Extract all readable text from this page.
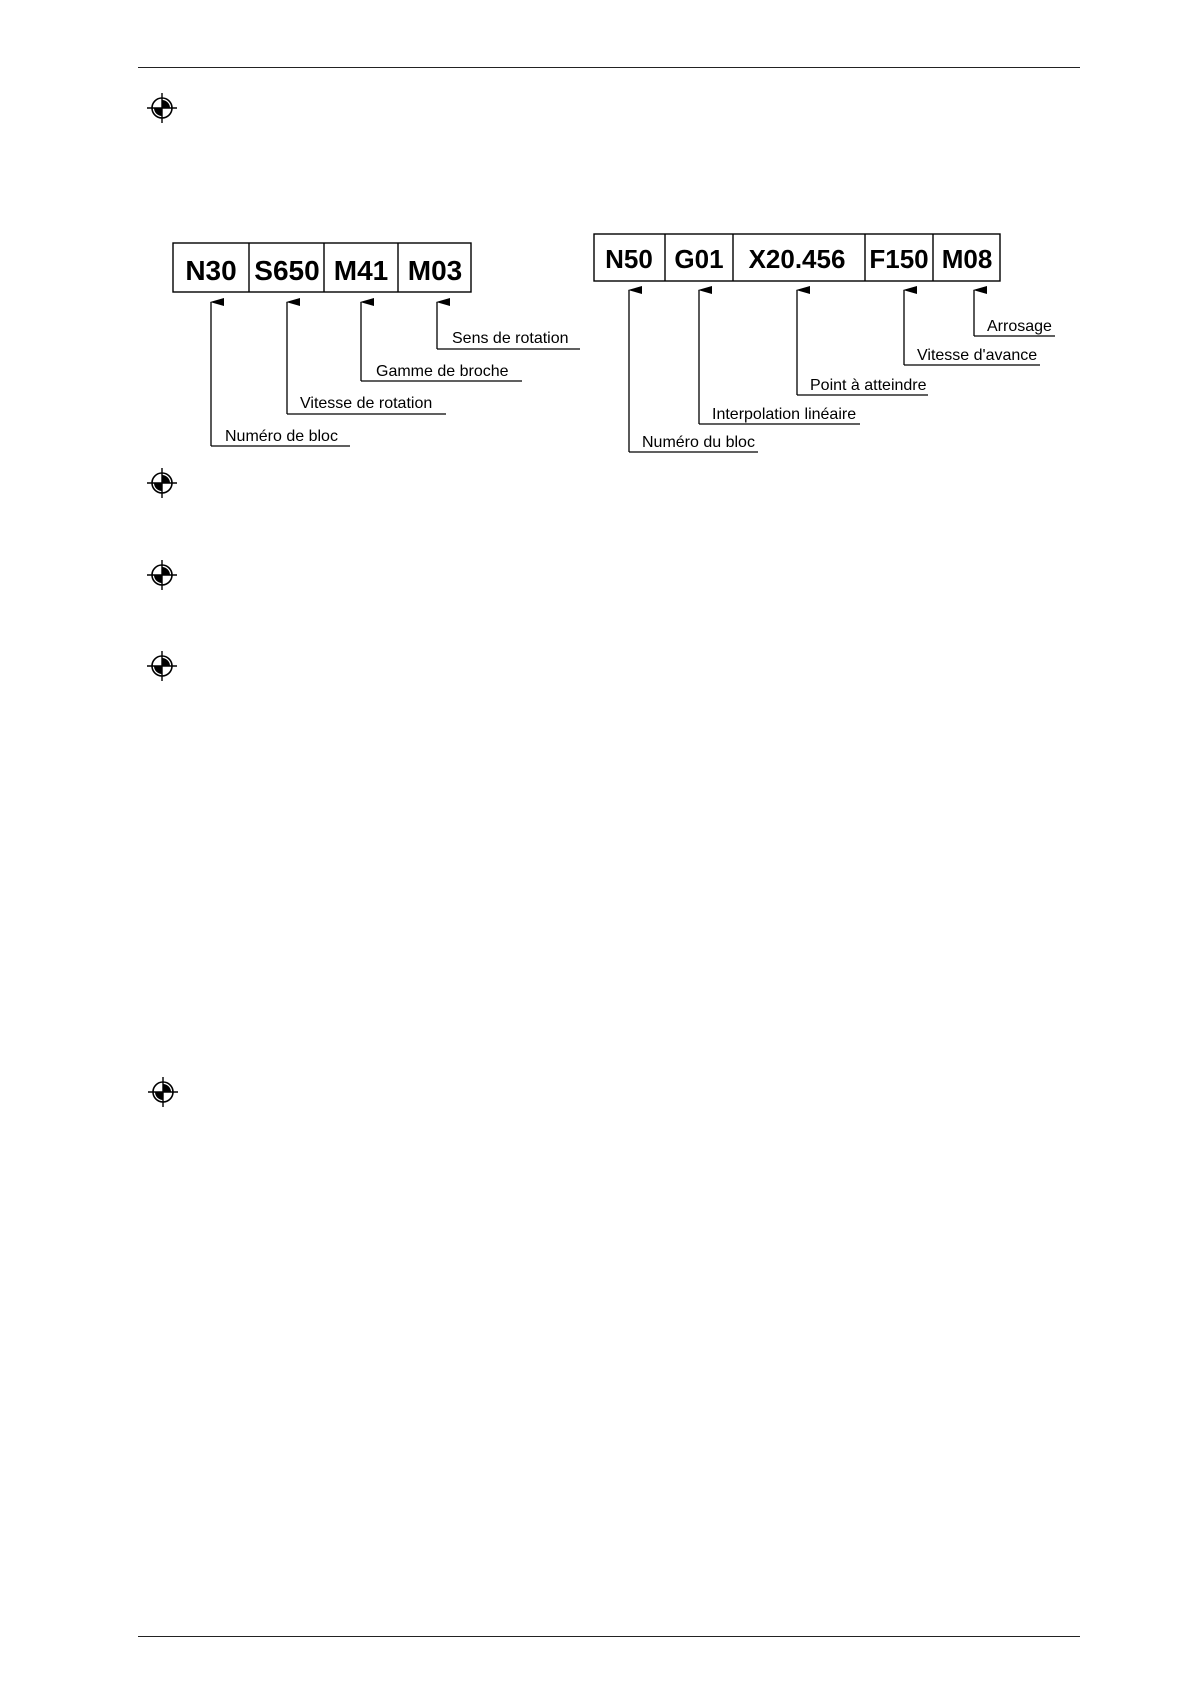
N30 S650 M41 M03
Numéro de bloc
Vitesse de rotation
Gamme de broche
Sens de rotation
N50 G01 X20.456 F150 M08
Numéro du bloc
Interpolation linéaire
Point à atteindre
Vitesse d'avance
Arrosage
